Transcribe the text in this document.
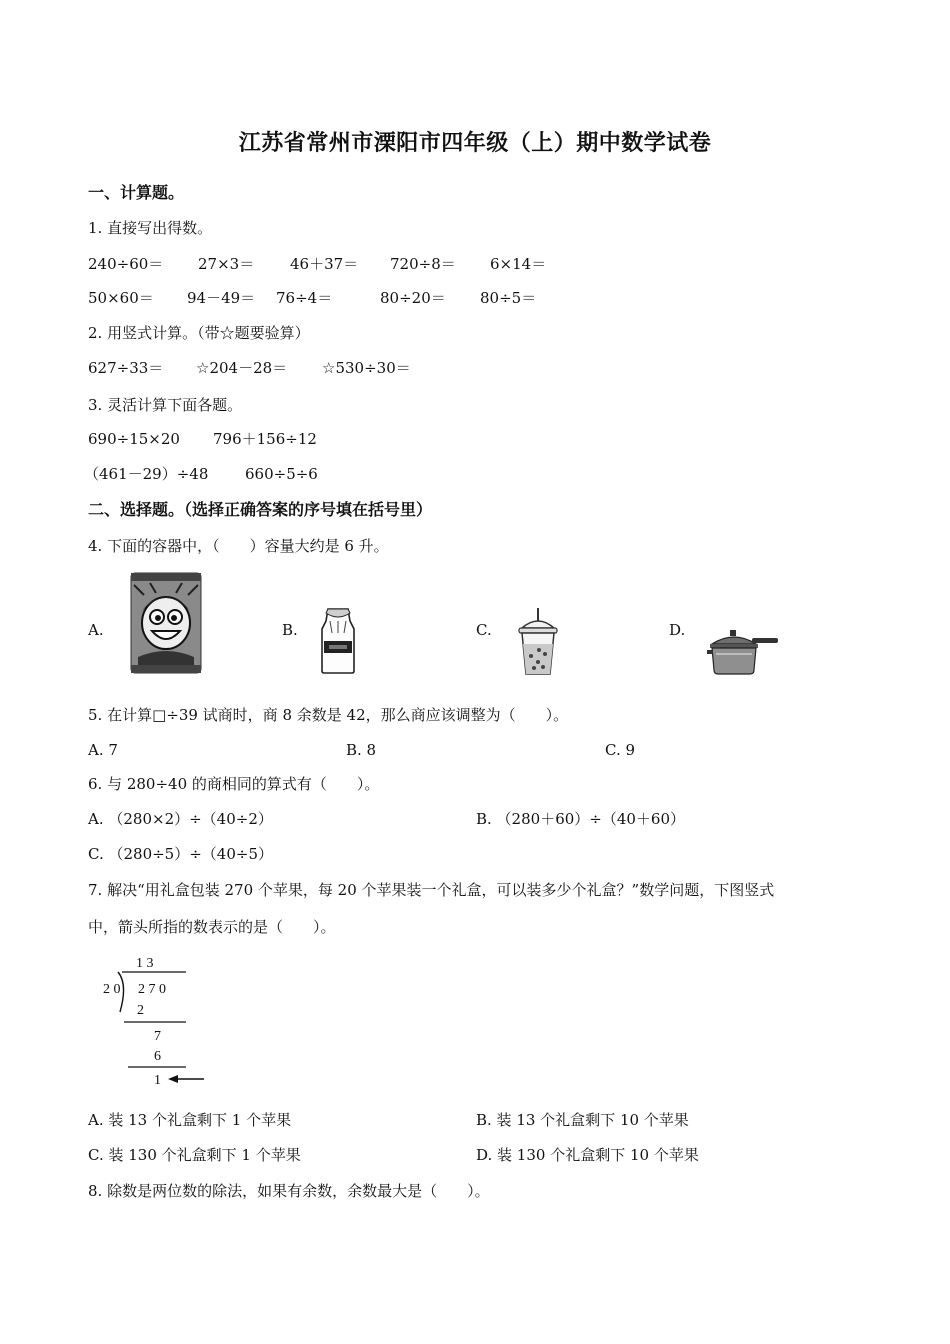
江苏省常州市溧阳市四年级（上）期中数学试卷
一、计算题。
1. 直接写出得数。
240÷60＝ 27×3＝ 46＋37＝ 720÷8＝ 6×14＝
50×60＝ 94－49＝ 76÷4＝	80÷20＝ 80÷5＝
2. 用竖式计算。（带☆题要验算）
627÷33＝ ☆204－28＝ ☆530÷30＝
3. 灵活计算下面各题。
690÷15×20 796＋156÷12
（461－29）÷48 660÷5÷6
二、选择题。（选择正确答案的序号填在括号里）
4. 下面的容器中，（　　）容量大约是 6 升。
A.	B.	C.	D.
5. 在计算□÷39 试商时，商 8 余数是 42，那么商应该调整为（　　）。
A. 7	B. 8	C. 9
6. 与 280÷40 的商相同的算式有（　　）。
A. （280×2）÷（40÷2）	B. （280＋60）÷（40＋60）
C. （280÷5）÷（40÷5）
7. 解决“用礼盒包装 270 个苹果，每 20 个苹果装一个礼盒，可以装多少个礼盒？”数学问题，下图竖式
中，箭头所指的数表示的是（　　）。
1 3
2 0 2 7 0
2
7
6
1
A. 装 13 个礼盒剩下 1 个苹果	B. 装 13 个礼盒剩下 10 个苹果
C. 装 130 个礼盒剩下 1 个苹果	D. 装 130 个礼盒剩下 10 个苹果
8. 除数是两位数的除法，如果有余数，余数最大是（　　）。
